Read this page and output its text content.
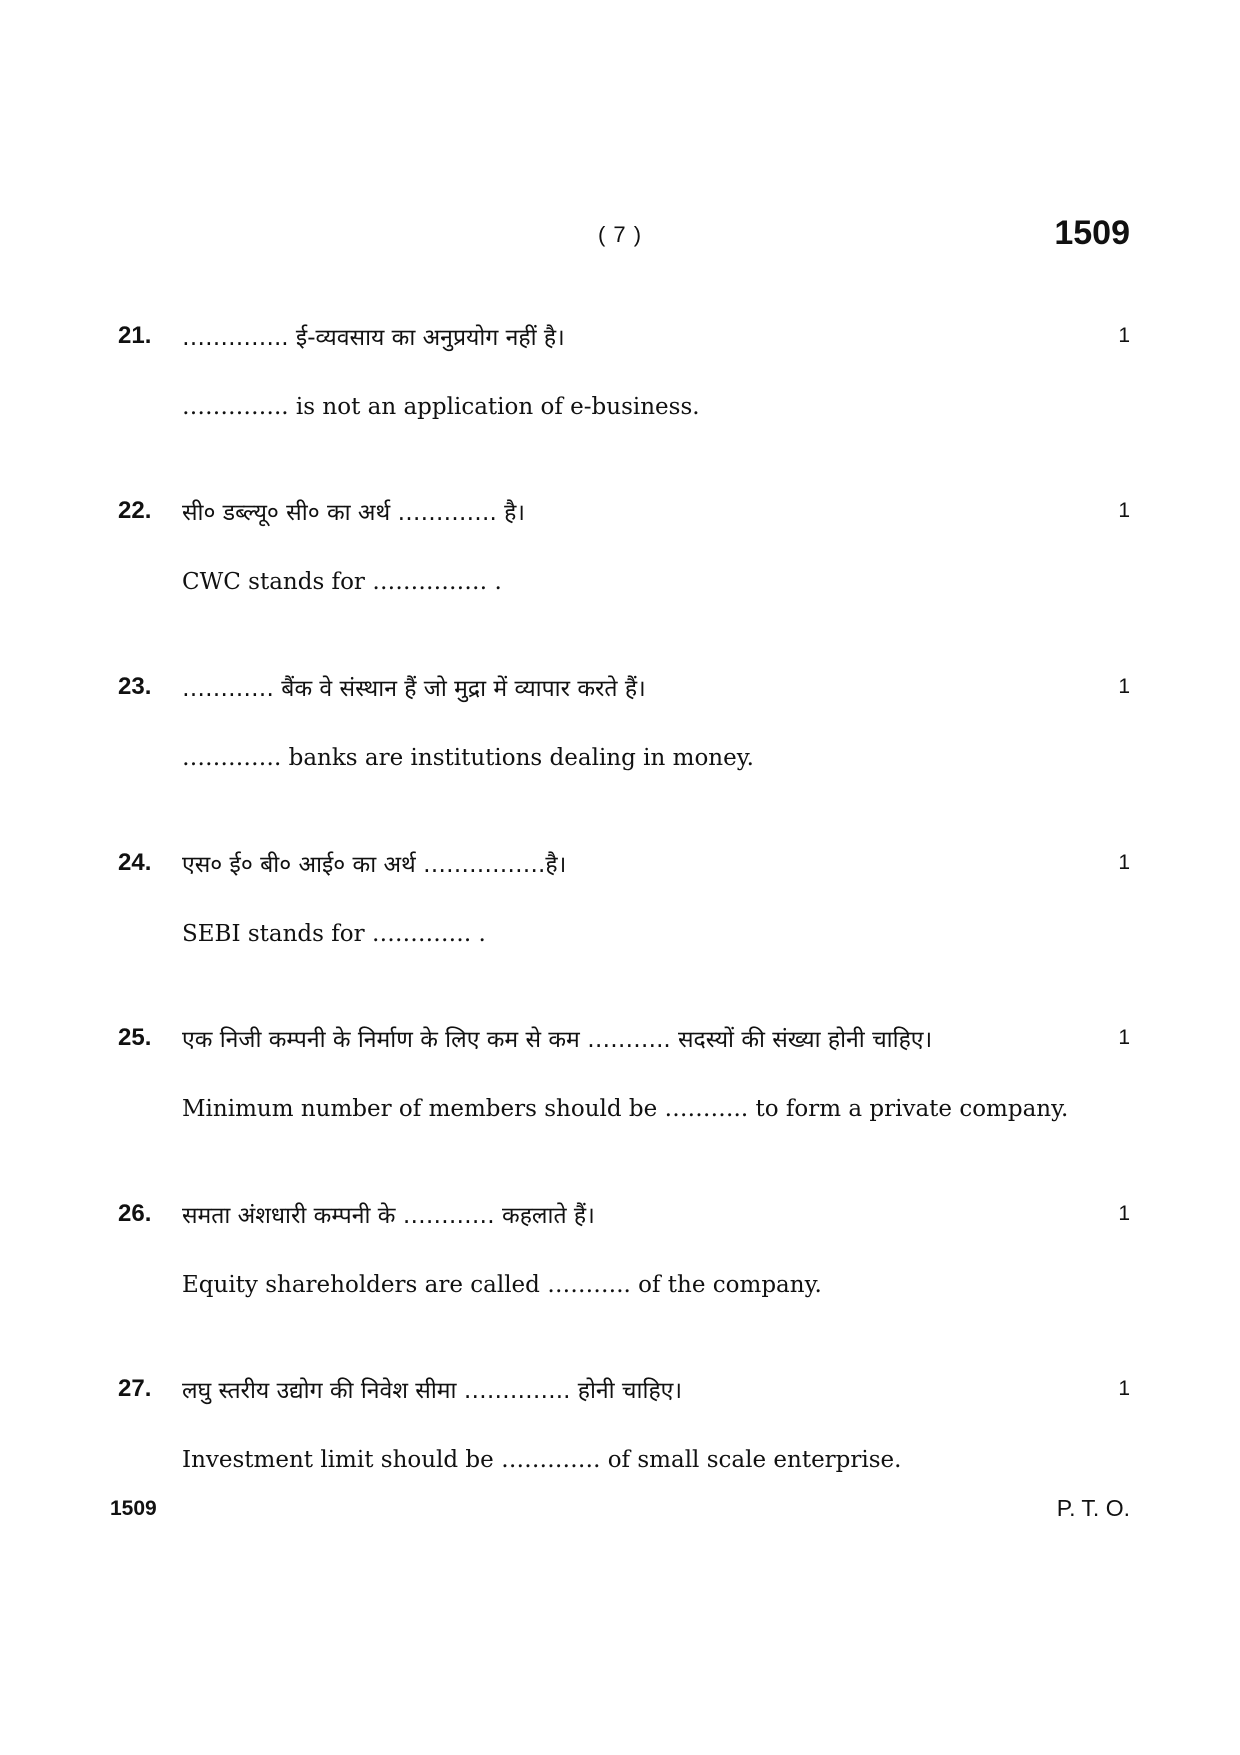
( 7 )	1509
21. ………….. ई-व्यवसाय का अनुप्रयोग नहीं है।	1
………….. is not an application of e-business.
22. सी० डब्ल्यू० सी० का अर्थ …………. है।	1
CWC stands for …………… .
23. ………… बैंक वे संस्थान हैं जो मुद्रा में व्यापार करते हैं।	1
…………. banks are institutions dealing in money.
24. एस० ई० बी० आई० का अर्थ …………….है।	1
SEBI stands for …………. .
25. एक निजी कम्पनी के निर्माण के लिए कम से कम ……….. सदस्यों की संख्या होनी चाहिए।	1
Minimum number of members should be ……….. to form a private company.
26. समता अंशधारी कम्पनी के ………… कहलाते हैं।	1
Equity shareholders are called ……….. of the company.
27. लघु स्तरीय उद्योग की निवेश सीमा ………….. होनी चाहिए।	1
Investment limit should be …………. of small scale enterprise.
1509	P. T. O.
